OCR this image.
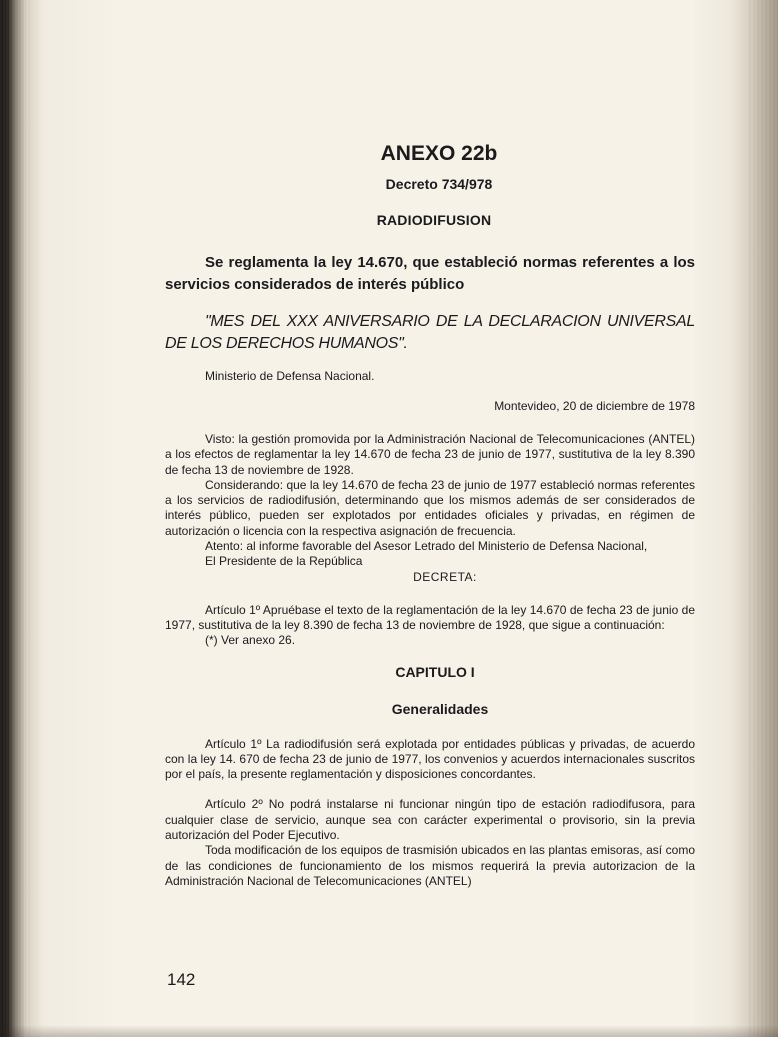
ANEXO 22b
Decreto 734/978
RADIODIFUSION

Se reglamenta la ley 14.670, que estableció normas referentes a los servicios considerados de interés público

"MES DEL XXX ANIVERSARIO DE LA DECLARACION UNIVERSAL DE LOS DERECHOS HUMANOS".

Ministerio de Defensa Nacional.
Montevideo, 20 de diciembre de 1978

Visto: la gestión promovida por la Administración Nacional de Telecomunicaciones (ANTEL) a los efectos de reglamentar la ley 14.670 de fecha 23 de junio de 1977, sustitutiva de la ley 8.390 de fecha 13 de noviembre de 1928.

Considerando: que la ley 14.670 de fecha 23 de junio de 1977 estableció normas referentes a los servicios de radiodifusión, determinando que los mismos además de ser considerados de interés público, pueden ser explotados por entidades oficiales y privadas, en régimen de autorización o licencia con la respectiva asignación de frecuencia.

Atento: al informe favorable del Asesor Letrado del Ministerio de Defensa Nacional,

El Presidente de la República

DECRETA:

Artículo 1º Apruébase el texto de la reglamentación de la ley 14.670 de fecha 23 de junio de 1977, sustitutiva de la ley 8.390 de fecha 13 de noviembre de 1928, que sigue a continuación:

(*) Ver anexo 26.

CAPITULO I
Generalidades

Artículo 1º La radiodifusión será explotada por entidades públicas y privadas, de acuerdo con la ley 14. 670 de fecha 23 de junio de 1977, los convenios y acuerdos internacionales suscritos por el país, la presente reglamentación y disposiciones concordantes.

Artículo 2º No podrá instalarse ni funcionar ningún tipo de estación radiodifusora, para cualquier clase de servicio, aunque sea con carácter experimental o provisorio, sin la previa autorización del Poder Ejecutivo.

Toda modificación de los equipos de trasmisión ubicados en las plantas emisoras, así como de las condiciones de funcionamiento de los mismos requerirá la previa autorizacion de la Administración Nacional de Telecomunicaciones (ANTEL)

142
